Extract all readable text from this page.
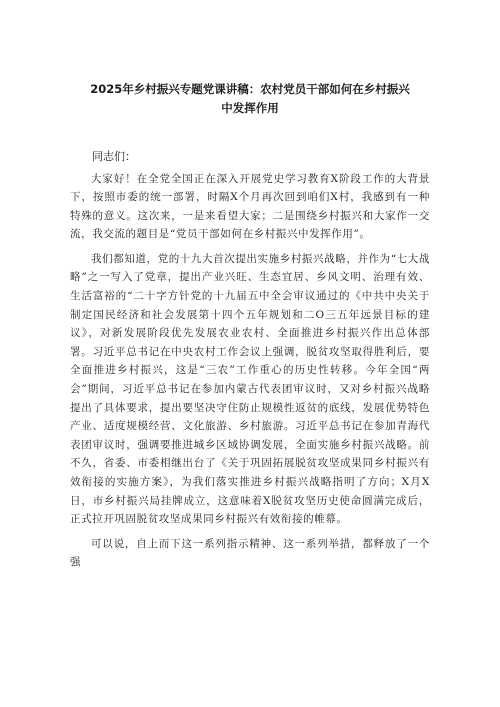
2025年乡村振兴专题党课讲稿：农村党员干部如何在乡村振兴
中发挥作用

同志们：

大家好！在全党全国正在深入开展党史学习教育X阶段工作的大背景下，按照市委的统一部署，时隔X个月再次回到咱们X村，我感到有一种特殊的意义。这次来，一是来看望大家；二是围绕乡村振兴和大家作一交流，我交流的题目是“党员干部如何在乡村振兴中发挥作用”。

我们都知道，党的十九大首次提出实施乡村振兴战略，并作为“七大战略”之一写入了党章，提出产业兴旺、生态宜居、乡风文明、治理有效、生活富裕的“二十字方针党的十九届五中全会审议通过的《中共中央关于制定国民经济和社会发展第十四个五年规划和二O三五年远景目标的建议》，对新发展阶段优先发展农业农村、全面推进乡村振兴作出总体部署。习近平总书记在中央农村工作会议上强调，脱贫攻坚取得胜利后，要全面推进乡村振兴，这是“三农”工作重心的历史性转移。今年全国“两会”期间，习近平总书记在参加内蒙古代表团审议时，又对乡村振兴战略提出了具体要求，提出要坚决守住防止规模性返贫的底线，发展优势特色产业、适度规模经营、文化旅游、乡村旅游。习近平总书记在参加青海代表团审议时，强调要推进城乡区域协调发展，全面实施乡村振兴战略。前不久，省委、市委相继出台了《关于巩固拓展脱贫攻坚成果同乡村振兴有效衔接的实施方案》，为我们落实推进乡村振兴战略指明了方向；X月X日，市乡村振兴局挂牌成立，这意味着X脱贫攻坚历史使命圆满完成后，正式拉开巩固脱贫攻坚成果同乡村振兴有效衔接的帷幕。

可以说，自上而下这一系列指示精神、这一系列举措，都释放了一个强
